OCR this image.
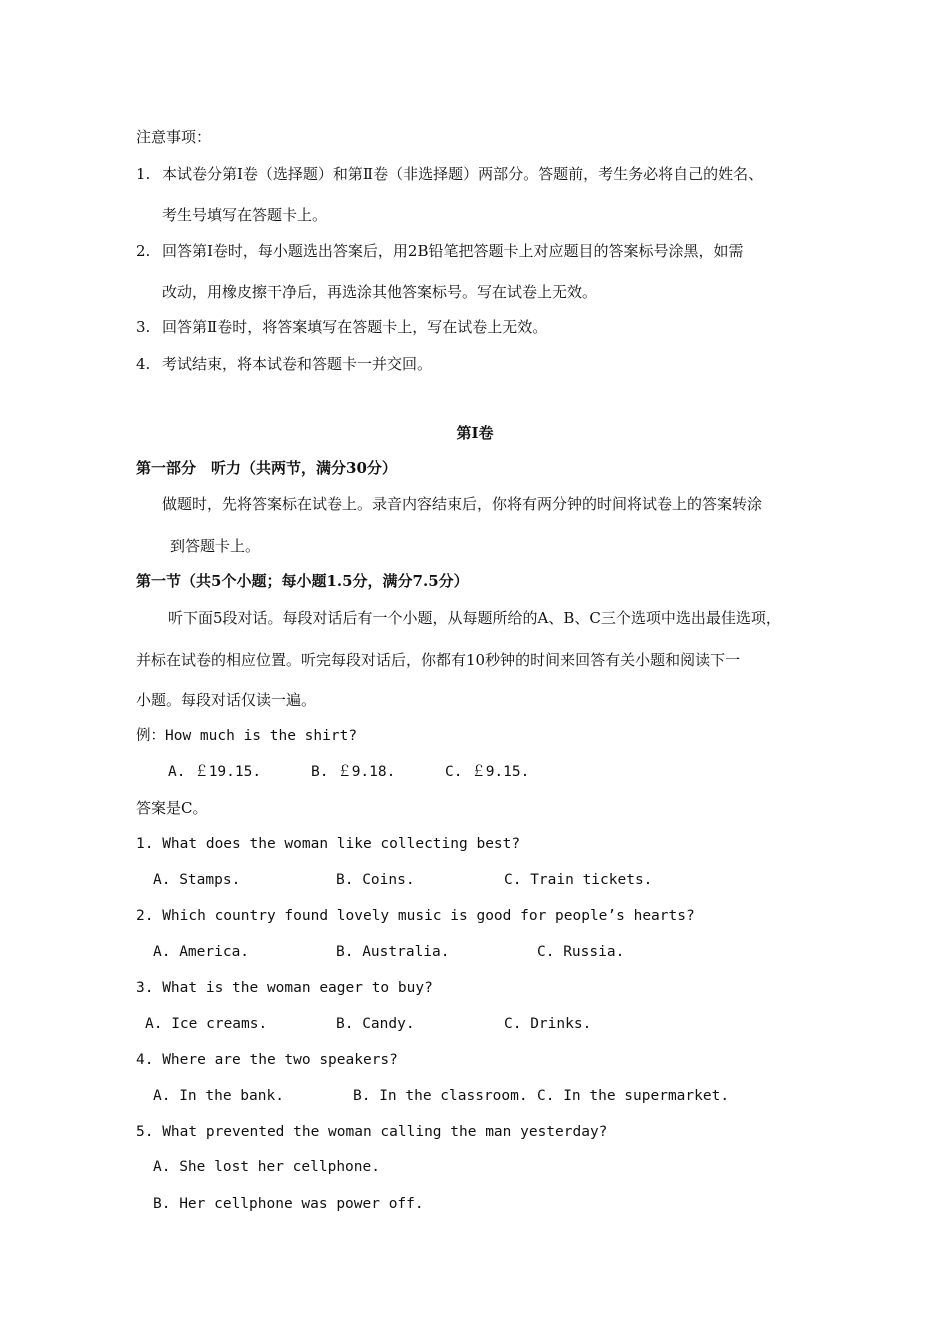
注意事项：
1. 本试卷分第Ⅰ卷（选择题）和第Ⅱ卷（非选择题）两部分。答题前，考生务必将自己的姓名、
考生号填写在答题卡上。
2. 回答第Ⅰ卷时，每小题选出答案后，用2B铅笔把答题卡上对应题目的答案标号涂黑，如需
改动，用橡皮擦干净后，再选涂其他答案标号。写在试卷上无效。
3. 回答第Ⅱ卷时，将答案填写在答题卡上，写在试卷上无效。
4. 考试结束，将本试卷和答题卡一并交回。
第Ⅰ卷
第一部分　听力（共两节，满分30分）
做题时，先将答案标在试卷上。录音内容结束后，你将有两分钟的时间将试卷上的答案转涂
到答题卡上。
第一节（共5个小题；每小题1.5分，满分7.5分）
听下面5段对话。每段对话后有一个小题，从每题所给的A、B、C三个选项中选出最佳选项，
并标在试卷的相应位置。听完每段对话后，你都有10秒钟的时间来回答有关小题和阅读下一
小题。每段对话仅读一遍。
例：How much is the shirt?
A. ￡19.15.	B. ￡9.18.	C. ￡9.15.
答案是C。
1. What does the woman like collecting best?
A. Stamps.	B. Coins.	C. Train tickets.
2. Which country found lovely music is good for people’s hearts?
A. America.	B. Australia.	C. Russia.
3. What is the woman eager to buy?
A. Ice creams.	B. Candy.	C. Drinks.
4. Where are the two speakers?
A. In the bank.	B. In the classroom. C. In the supermarket.
5. What prevented the woman calling the man yesterday?
A. She lost her cellphone.
B. Her cellphone was power off.
